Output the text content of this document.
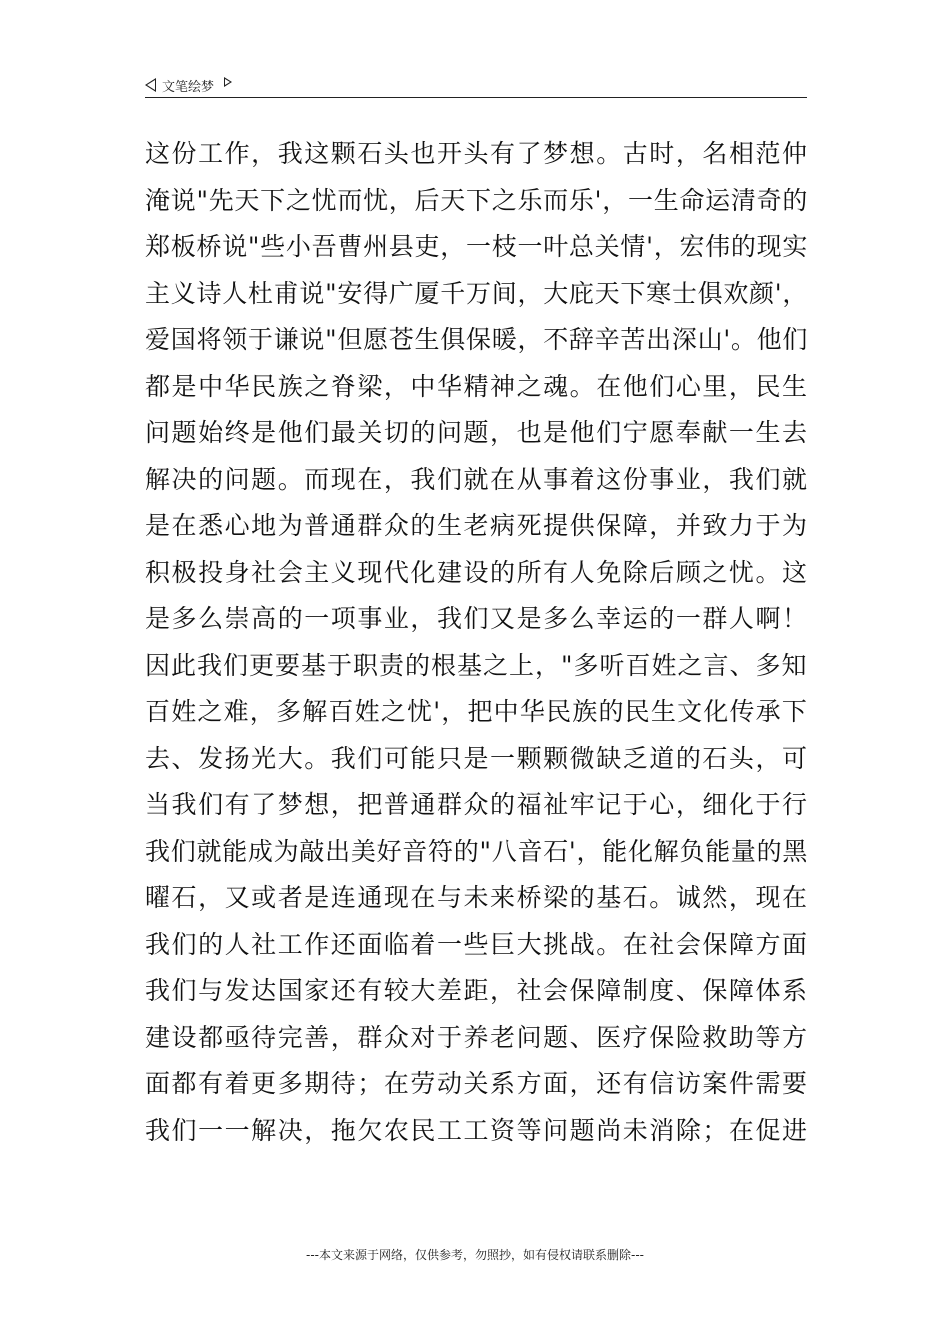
文笔绘梦
这份工作，我这颗石头也开头有了梦想。古时，名相范仲
淹说"先天下之忧而忧，后天下之乐而乐'，一生命运清奇的
郑板桥说"些小吾曹州县吏，一枝一叶总关情'，宏伟的现实
主义诗人杜甫说"安得广厦千万间，大庇天下寒士俱欢颜'，
爱国将领于谦说"但愿苍生俱保暖，不辞辛苦出深山'。他们
都是中华民族之脊梁，中华精神之魂。在他们心里，民生
问题始终是他们最关切的问题，也是他们宁愿奉献一生去
解决的问题。而现在，我们就在从事着这份事业，我们就
是在悉心地为普通群众的生老病死提供保障，并致力于为
积极投身社会主义现代化建设的所有人免除后顾之忧。这
是多么崇高的一项事业，我们又是多么幸运的一群人啊！
因此我们更要基于职责的根基之上，"多听百姓之言、多知
百姓之难，多解百姓之忧'，把中华民族的民生文化传承下
去、发扬光大。我们可能只是一颗颗微缺乏道的石头，可
当我们有了梦想，把普通群众的福祉牢记于心，细化于行
我们就能成为敲出美好音符的"八音石'，能化解负能量的黑
曜石，又或者是连通现在与未来桥梁的基石。诚然，现在
我们的人社工作还面临着一些巨大挑战。在社会保障方面
我们与发达国家还有较大差距，社会保障制度、保障体系
建设都亟待完善，群众对于养老问题、医疗保险救助等方
面都有着更多期待；在劳动关系方面，还有信访案件需要
我们一一解决，拖欠农民工工资等问题尚未消除；在促进
---本文来源于网络，仅供参考，勿照抄，如有侵权请联系删除---
